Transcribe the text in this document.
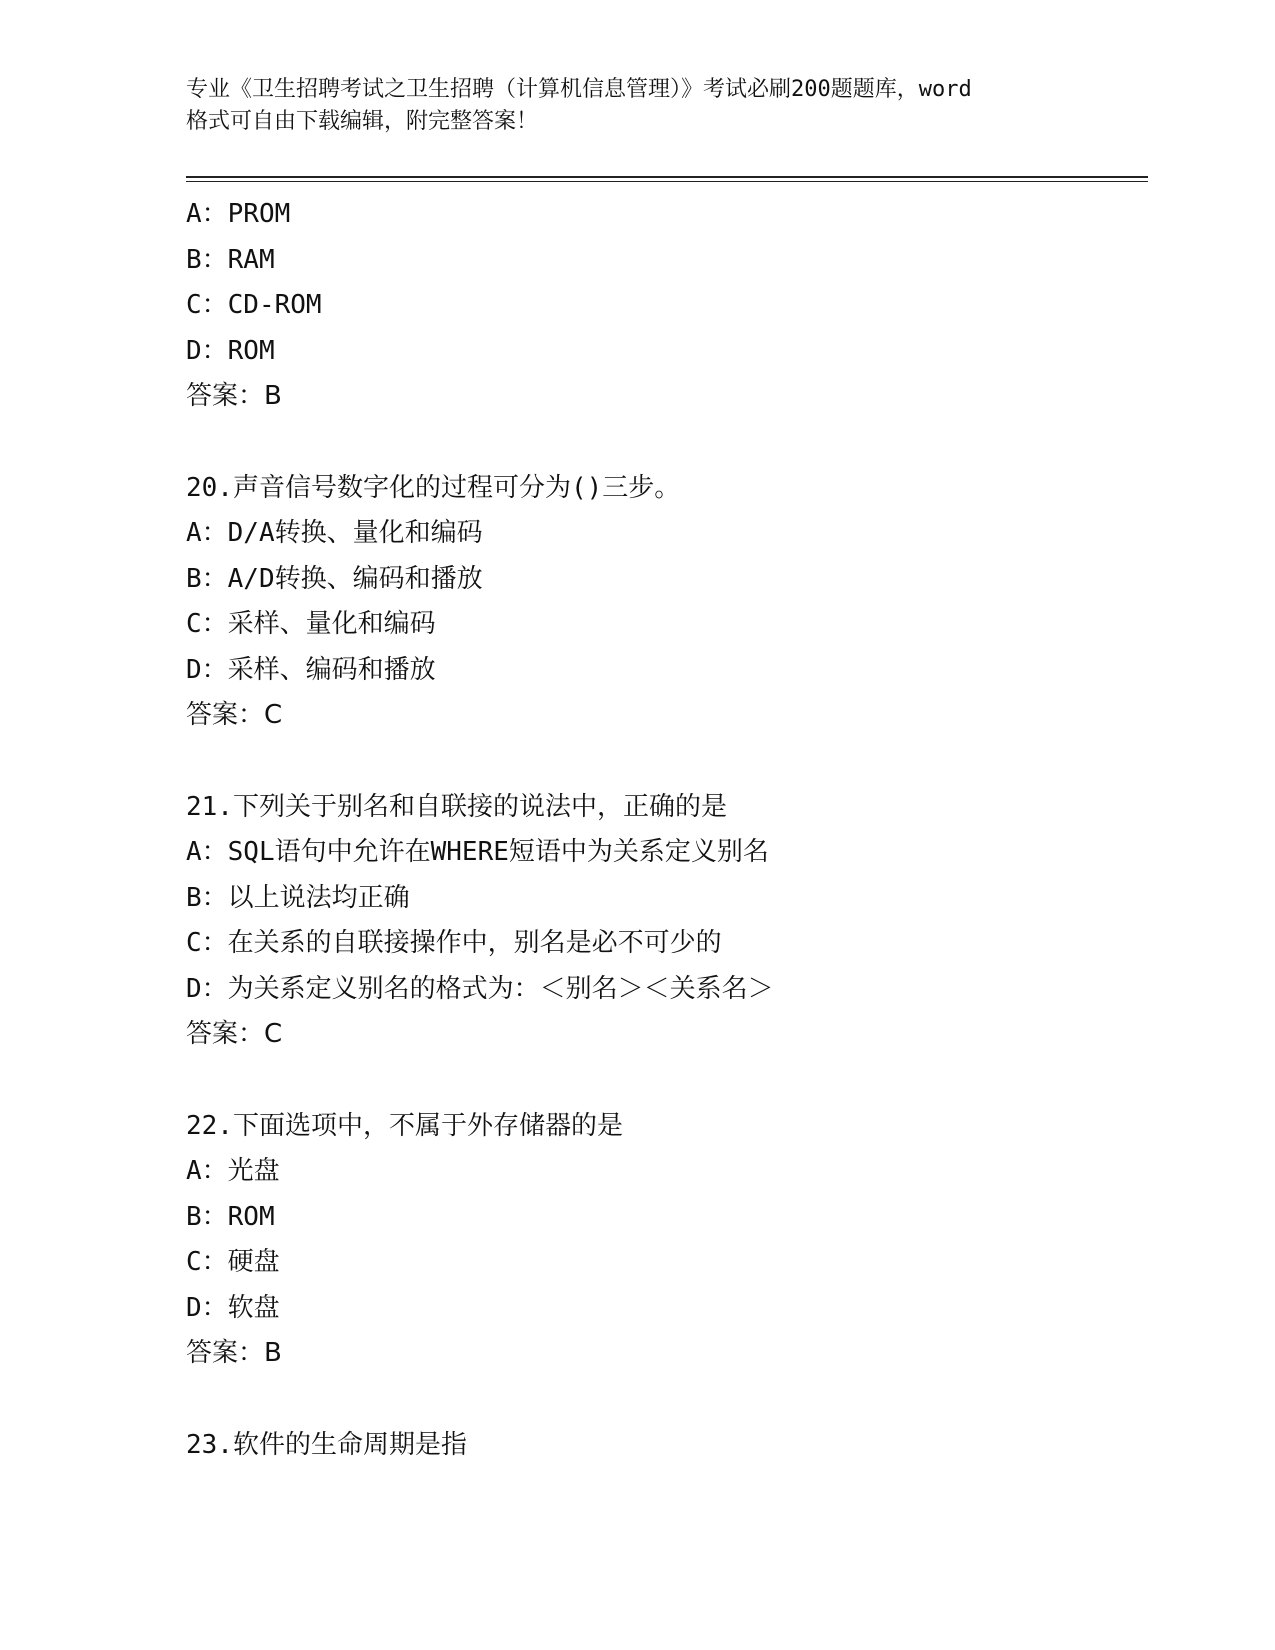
专业《卫生招聘考试之卫生招聘（计算机信息管理）》考试必刷200题题库，word
格式可自由下载编辑，附完整答案！
A：PROM
B：RAM
C：CD-ROM
D：ROM
答案：B
20.声音信号数字化的过程可分为()三步。
A：D/A转换、量化和编码
B：A/D转换、编码和播放
C：采样、量化和编码
D：采样、编码和播放
答案：C
21.下列关于别名和自联接的说法中，正确的是
A：SQL语句中允许在WHERE短语中为关系定义别名
B：以上说法均正确
C：在关系的自联接操作中，别名是必不可少的
D：为关系定义别名的格式为：＜别名＞＜关系名＞
答案：C
22.下面选项中，不属于外存储器的是
A：光盘
B：ROM
C：硬盘
D：软盘
答案：B
23.软件的生命周期是指
